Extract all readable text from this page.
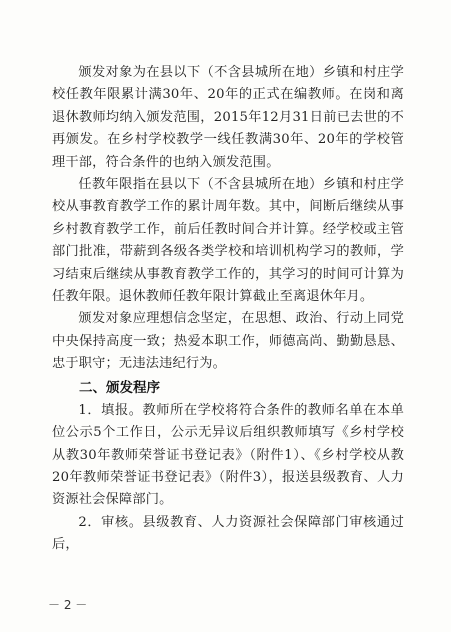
颁发对象为在县以下（不含县城所在地）乡镇和村庄学校任教年限累计满30年、20年的正式在编教师。在岗和离退休教师均纳入颁发范围，2015年12月31日前已去世的不再颁发。在乡村学校教学一线任教满30年、20年的学校管理干部，符合条件的也纳入颁发范围。

任教年限指在县以下（不含县城所在地）乡镇和村庄学校从事教育教学工作的累计周年数。其中，间断后继续从事乡村教育教学工作，前后任教时间合并计算。经学校或主管部门批准，带薪到各级各类学校和培训机构学习的教师，学习结束后继续从事教育教学工作的，其学习的时间可计算为任教年限。退休教师任教年限计算截止至离退休年月。

颁发对象应理想信念坚定，在思想、政治、行动上同党中央保持高度一致；热爱本职工作，师德高尚、勤勤恳恳、忠于职守；无违法违纪行为。

二、颁发程序

1．填报。教师所在学校将符合条件的教师名单在本单位公示5个工作日，公示无异议后组织教师填写《乡村学校从教30年教师荣誉证书登记表》（附件1）、《乡村学校从教20年教师荣誉证书登记表》（附件3），报送县级教育、人力资源社会保障部门。

2．审核。县级教育、人力资源社会保障部门审核通过后，

－ 2 －
